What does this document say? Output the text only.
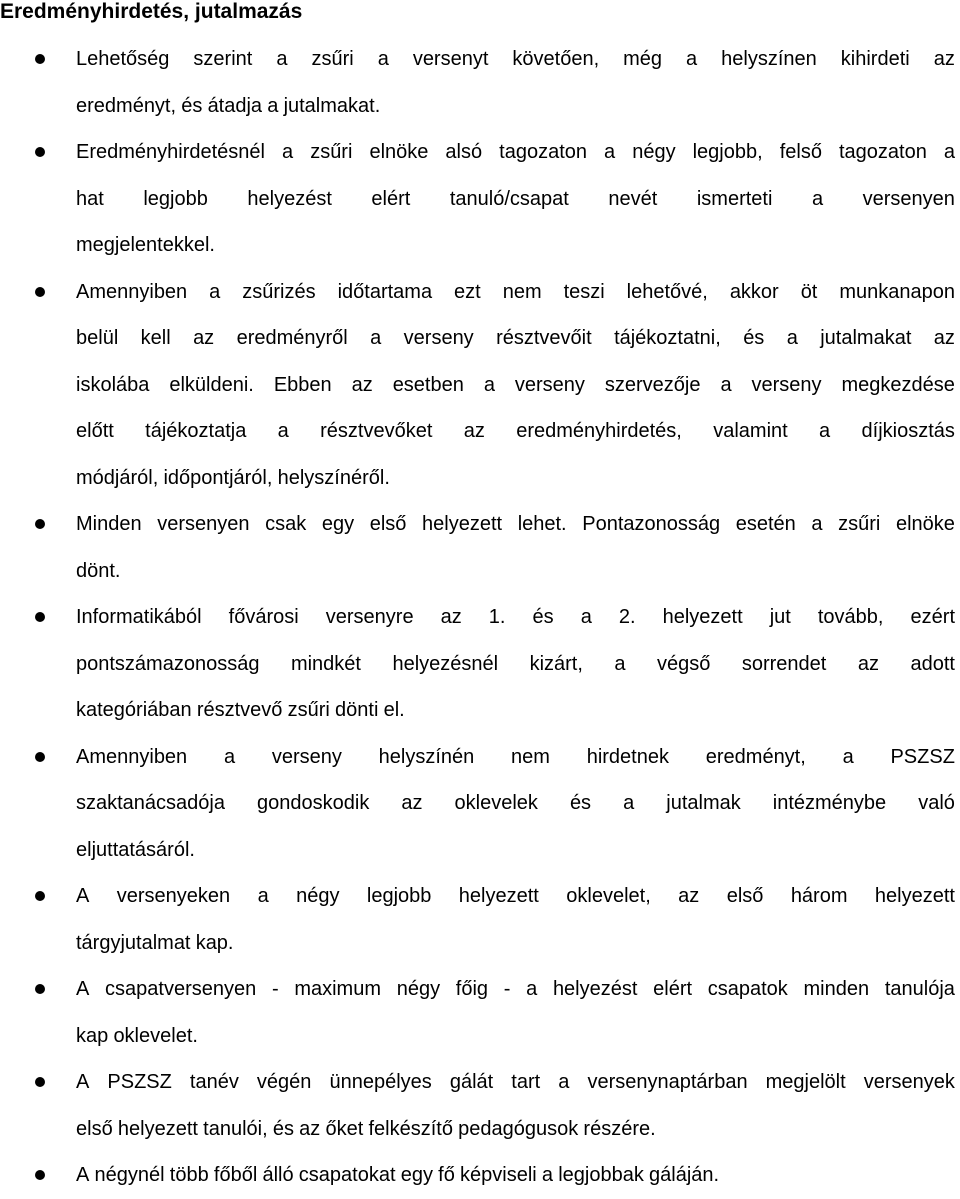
Eredményhirdetés, jutalmazás
Lehetőség szerint a zsűri a versenyt követően, még a helyszínen kihirdeti az
eredményt, és átadja a jutalmakat.
Eredményhirdetésnél a zsűri elnöke alsó tagozaton a négy legjobb, felső tagozaton a
hat legjobb helyezést elért tanuló/csapat nevét ismerteti a versenyen
megjelentekkel.
Amennyiben a zsűrizés időtartama ezt nem teszi lehetővé, akkor öt munkanapon
belül kell az eredményről a verseny résztvevőit tájékoztatni, és a jutalmakat az
iskolába elküldeni. Ebben az esetben a verseny szervezője a verseny megkezdése
előtt tájékoztatja a résztvevőket az eredményhirdetés, valamint a díjkiosztás
módjáról, időpontjáról, helyszínéről.
Minden versenyen csak egy első helyezett lehet. Pontazonosság esetén a zsűri elnöke
dönt.
Informatikából fővárosi versenyre az 1. és a 2. helyezett jut tovább, ezért
pontszámazonosság mindkét helyezésnél kizárt, a végső sorrendet az adott
kategóriában résztvevő zsűri dönti el.
Amennyiben a verseny helyszínén nem hirdetnek eredményt, a PSZSZ
szaktanácsadója gondoskodik az oklevelek és a jutalmak intézménybe való
eljuttatásáról.
A versenyeken a négy legjobb helyezett oklevelet, az első három helyezett
tárgyjutalmat kap.
A csapatversenyen - maximum négy főig - a helyezést elért csapatok minden tanulója
kap oklevelet.
A PSZSZ tanév végén ünnepélyes gálát tart a versenynaptárban megjelölt versenyek
első helyezett tanulói, és az őket felkészítő pedagógusok részére.
A négynél több főből álló csapatokat egy fő képviseli a legjobbak gáláján.
